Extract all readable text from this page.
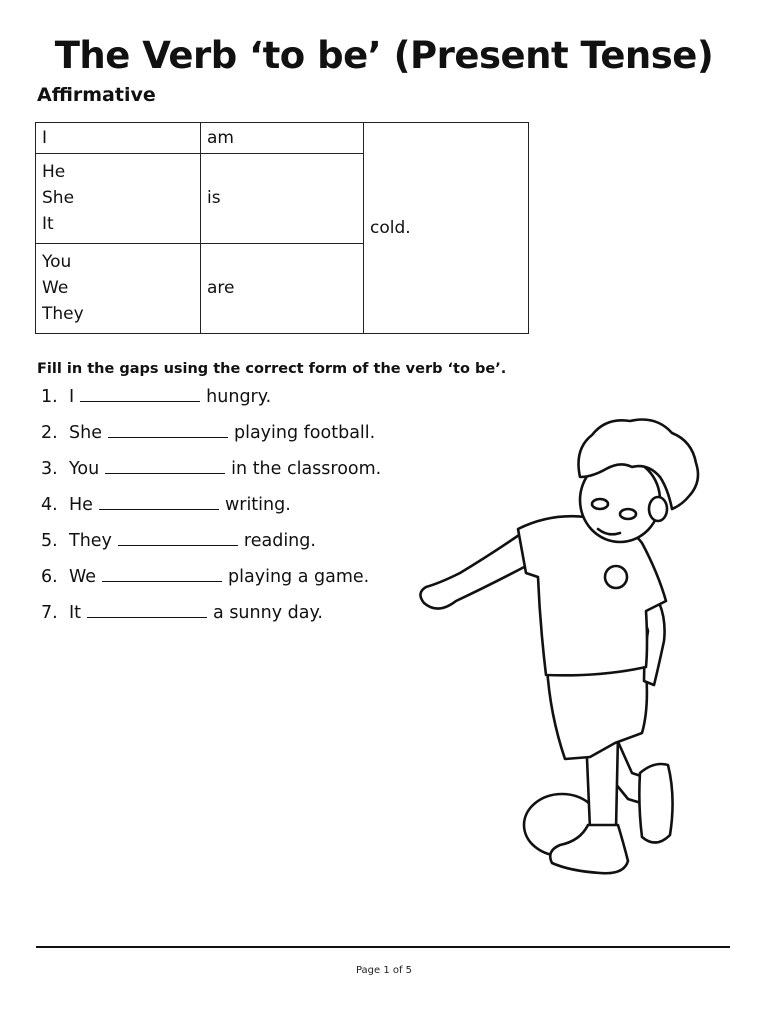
The Verb ‘to be’ (Present Tense)
Affirmative
I	am	cold.

He
She
It	is	

You
We
They	are	
Fill in the gaps using the correct form of the verb ‘to be’.
1. I	hungry.
2. She	playing football.
3. You	in the classroom.
4. He	writing.
5. They	reading.
6. We	playing a game.
7. It	a sunny day.
Page 1 of 5
